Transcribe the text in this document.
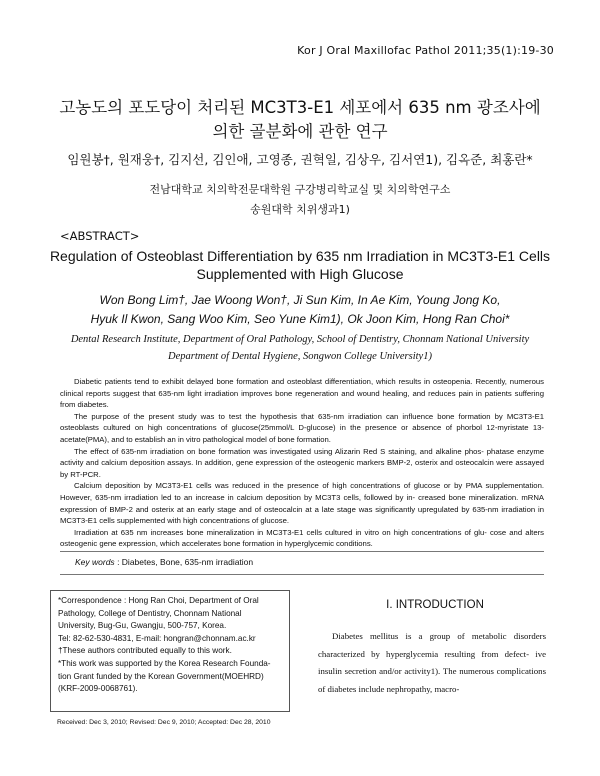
Kor J Oral Maxillofac Pathol 2011;35(1):19-30
고농도의 포도당이 처리된 MC3T3-E1 세포에서 635 nm 광조사에
의한 골분화에 관한 연구
임원봉†, 원재웅†, 김지선, 김인애, 고영종, 권혁일, 김상우, 김서연1), 김옥준, 최홍란*
전남대학교 치의학전문대학원 구강병리학교실 및 치의학연구소
송원대학 치위생과1)
<ABSTRACT>
Regulation of Osteoblast Differentiation by 635 nm Irradiation in MC3T3-E1 Cells
Supplemented with High Glucose
Won Bong Lim†, Jae Woong Won†, Ji Sun Kim, In Ae Kim, Young Jong Ko,
Hyuk Il Kwon, Sang Woo Kim, Seo Yune Kim1), Ok Joon Kim, Hong Ran Choi*
Dental Research Institute, Department of Oral Pathology, School of Dentistry, Chonnam National University
Department of Dental Hygiene, Songwon College University1)

Diabetic patients tend to exhibit delayed bone formation and osteoblast differentiation, which results in osteopenia. Recently, numerous clinical reports suggest that 635-nm light irradiation improves bone regeneration and wound healing, and reduces pain in patients suffering from diabetes.

The purpose of the present study was to test the hypothesis that 635-nm irradiation can influence bone formation by MC3T3-E1 osteoblasts cultured on high concentrations of glucose(25mmol/L D-glucose) in the presence or absence of phorbol 12-myristate 13-acetate(PMA), and to establish an in vitro pathological model of bone formation.

The effect of 635-nm irradiation on bone formation was investigated using Alizarin Red S staining, and alkaline phos- phatase enzyme activity and calcium deposition assays. In addition, gene expression of the osteogenic markers BMP-2, osterix and osteocalcin were assayed by RT-PCR.

Calcium deposition by MC3T3-E1 cells was reduced in the presence of high concentrations of glucose or by PMA supplementation. However, 635-nm irradiation led to an increase in calcium deposition by MC3T3 cells, followed by in- creased bone mineralization. mRNA expression of BMP-2 and osterix at an early stage and of osteocalcin at a late stage was significantly upregulated by 635-nm irradiation in MC3T3-E1 cells supplemented with high concentrations of glucose.

Irradiation at 635 nm increases bone mineralization in MC3T3-E1 cells cultured in vitro on high concentrations of glu- cose and alters osteogenic gene expression, which accelerates bone formation in hyperglycemic conditions.

Key words : Diabetes, Bone, 635-nm irradiation
*Correspondence : Hong Ran Choi, Department of Oral
Pathology, College of Dentistry, Chonnam National
University, Bug-Gu, Gwangju, 500-757, Korea.
Tel: 82-62-530-4831, E-mail: hongran@chonnam.ac.kr
†These authors contributed equally to this work.
*This work was supported by the Korea Research Founda-
tion Grant funded by the Korean Government(MOEHRD)
(KRF-2009-0068761).
Received: Dec 3, 2010; Revised: Dec 9, 2010; Accepted: Dec 28, 2010
I. INTRODUCTION

Diabetes mellitus is a group of metabolic disorders characterized by hyperglycemia resulting from defect- ive insulin secretion and/or activity1). The numerous complications of diabetes include nephropathy, macro-
